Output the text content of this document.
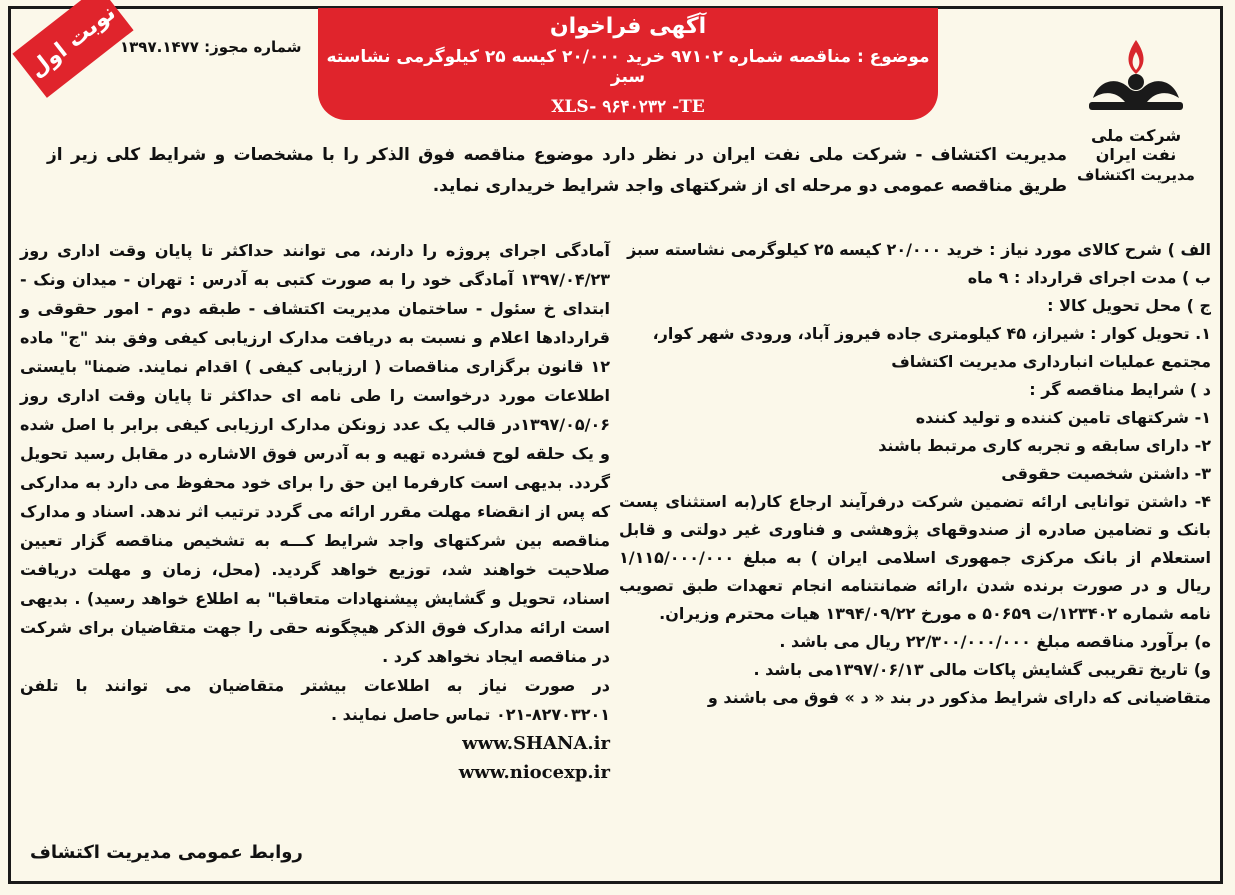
آگهی فراخوان
موضوع : مناقصه شماره ۹۷۱۰۲ خرید ۲۰/۰۰۰ کیسه ۲۵ کیلوگرمی نشاسته سبز
XLS- ۹۶۴۰۲۳۲ -TE
نوبت اول شماره مجوز: ۱۳۹۷.۱۴۷۷
شرکت ملی نفت ایران
مدیریت اکتشاف
مدیریت اکتشاف - شرکت ملی نفت ایران در نظر دارد موضوع مناقصه فوق الذکر را با مشخصات و شرایط کلی زیر از طریق مناقصه عمومی دو مرحله ای از شرکتهای واجد شرایط خریداری نماید.

الف ) شرح کالای مورد نیاز : خرید ۲۰/۰۰۰ کیسه ۲۵ کیلوگرمی نشاسته سبز

ب ) مدت اجرای قرارداد : ۹ ماه

ج ) محل تحویل کالا :

۱. تحویل کوار : شیراز، ۴۵ کیلومتری جاده فیروز آباد، ورودی شهر کوار، مجتمع عملیات انبارداری مدیریت اکتشاف

د ) شرایط مناقصه گر :

۱- شرکتهای تامین کننده و تولید کننده

۲- دارای سابقه و تجربه کاری مرتبط باشند

۳- داشتن شخصیت حقوقی

۴- داشتن توانایی ارائه تضمین شرکت درفرآیند ارجاع کار(به استثنای پست بانک و تضامین صادره از صندوقهای پژوهشی و فناوری غیر دولتی و قابل استعلام از بانک مرکزی جمهوری اسلامی ایران ) به مبلغ ۱/۱۱۵/۰۰۰/۰۰۰ ریال و در صورت برنده شدن ،ارائه ضمانتنامه انجام تعهدات طبق تصویب نامه شماره ۱۲۳۴۰۲/ت ۵۰۶۵۹ ه مورخ ۱۳۹۴/۰۹/۲۲ هیات محترم وزیران.

ه) برآورد مناقصه مبلغ ۲۲/۳۰۰/۰۰۰/۰۰۰ ریال می باشد .

و) تاریخ تقریبی گشایش پاکات مالی ۱۳۹۷/۰۶/۱۳می باشد .

متقاضیانی که دارای شرایط مذکور در بند « د » فوق می باشند و

آمادگی اجرای پروژه را دارند، می توانند حداکثر تا پایان وقت اداری روز ۱۳۹۷/۰۴/۲۳ آمادگی خود را به صورت کتبی به آدرس : تهران - میدان ونک - ابتدای خ سئول - ساختمان مدیریت اکتشاف - طبقه دوم - امور حقوقی و قراردادها اعلام و نسبت به دریافت مدارک ارزیابی کیفی وفق بند "ج" ماده ۱۲ قانون برگزاری مناقصات ( ارزیابی کیفی ) اقدام نمایند. ضمنا" بایستی اطلاعات مورد درخواست را طی نامه ای حداکثر تا پایان وقت اداری روز ۱۳۹۷/۰۵/۰۶در قالب یک عدد زونکن مدارک ارزیابی کیفی برابر با اصل شده و یک حلقه لوح فشرده تهیه و به آدرس فوق الاشاره در مقابل رسید تحویل گردد. بدیهی است کارفرما این حق را برای خود محفوظ می دارد به مدارکی که پس از انقضاء مهلت مقرر ارائه می گردد ترتیب اثر ندهد. اسناد و مدارک مناقصه بین شرکتهای واجد شرایط کـــه به تشخیص مناقصه گزار تعیین صلاحیت خواهند شد، توزیع خواهد گردید. (محل، زمان و مهلت دریافت اسناد، تحویل و گشایش پیشنهادات متعاقبا" به اطلاع خواهد رسید) . بدیهی است ارائه مدارک فوق الذکر هیچگونه حقی را جهت متقاضیان برای شرکت در مناقصه ایجاد نخواهد کرد .

در صورت نیاز به اطلاعات بیشتر متقاضیان می توانند با تلفن ۸۲۷۰۳۲۰۱-۰۲۱ تماس حاصل نمایند .

www.SHANA.ir

www.niocexp.ir

روابط عمومی مدیریت اکتشاف
